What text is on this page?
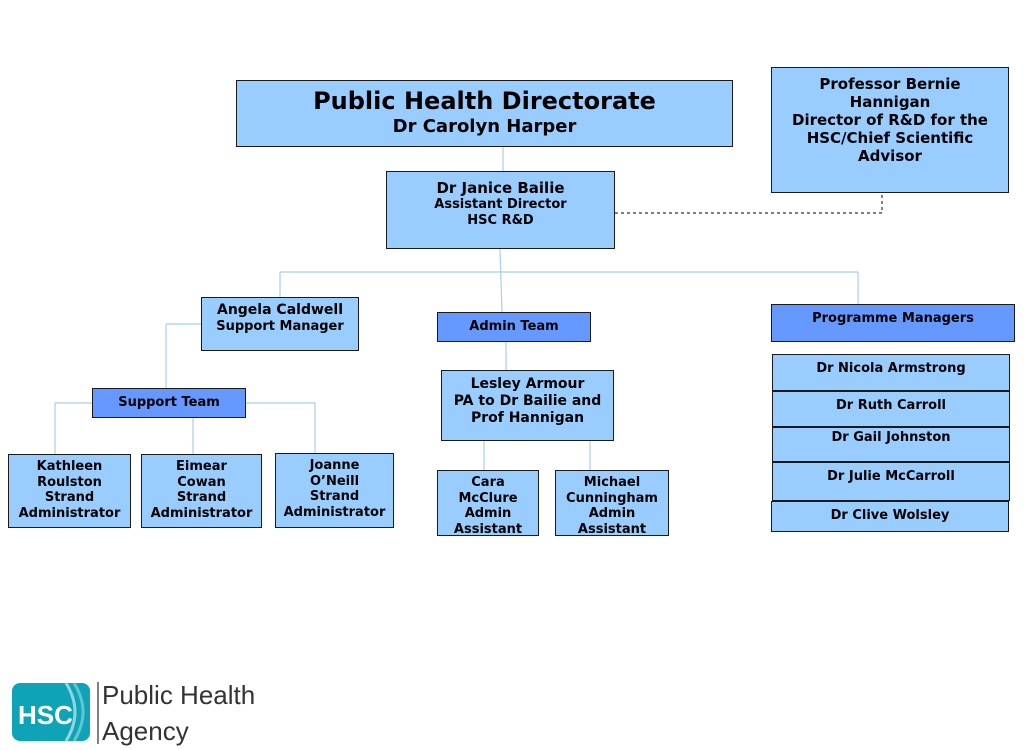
Public Health Directorate
Dr Carolyn Harper
Professor Bernie
Hannigan
Director of R&D for the
HSC/Chief Scientific
Advisor
Dr Janice Bailie
Assistant Director
HSC R&D
Angela Caldwell
Support Manager	Admin Team
Programme Managers
Dr Nicola Armstrong
Dr Ruth Carroll
Dr Gail Johnston
Dr Julie McCarroll
Dr Clive Wolsley
Support Team
Kathleen
Roulston
Strand
Administrator
Eimear
Cowan
Strand
Administrator
Joanne
O’Neill
Strand
Administrator
Lesley Armour
PA to Dr Bailie and
Prof Hannigan
Cara
McClure
Admin
Assistant
Michael
Cunningham
Admin
Assistant
HSC
Public Health
Agency
